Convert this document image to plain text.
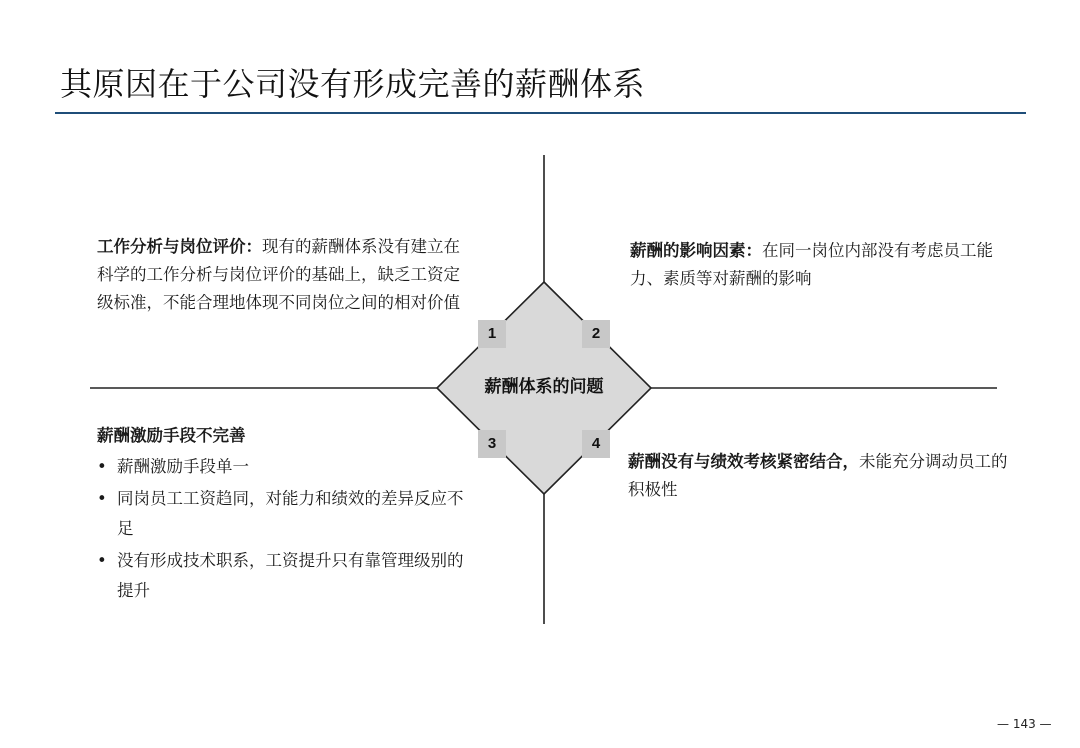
其原因在于公司没有形成完善的薪酬体系
1	2
3	4
薪酬体系的问题
工作分析与岗位评价：现有的薪酬体系没有建立在科学的工作分析与岗位评价的基础上，缺乏工资定级标准，不能合理地体现不同岗位之间的相对价值
薪酬的影响因素：在同一岗位内部没有考虑员工能力、素质等对薪酬的影响
薪酬激励手段不完善
• 薪酬激励手段单一
• 同岗员工工资趋同，对能力和绩效的差异反应不足
• 没有形成技术职系，工资提升只有靠管理级别的提升
薪酬没有与绩效考核紧密结合，未能充分调动员工的积极性
— 143 —
